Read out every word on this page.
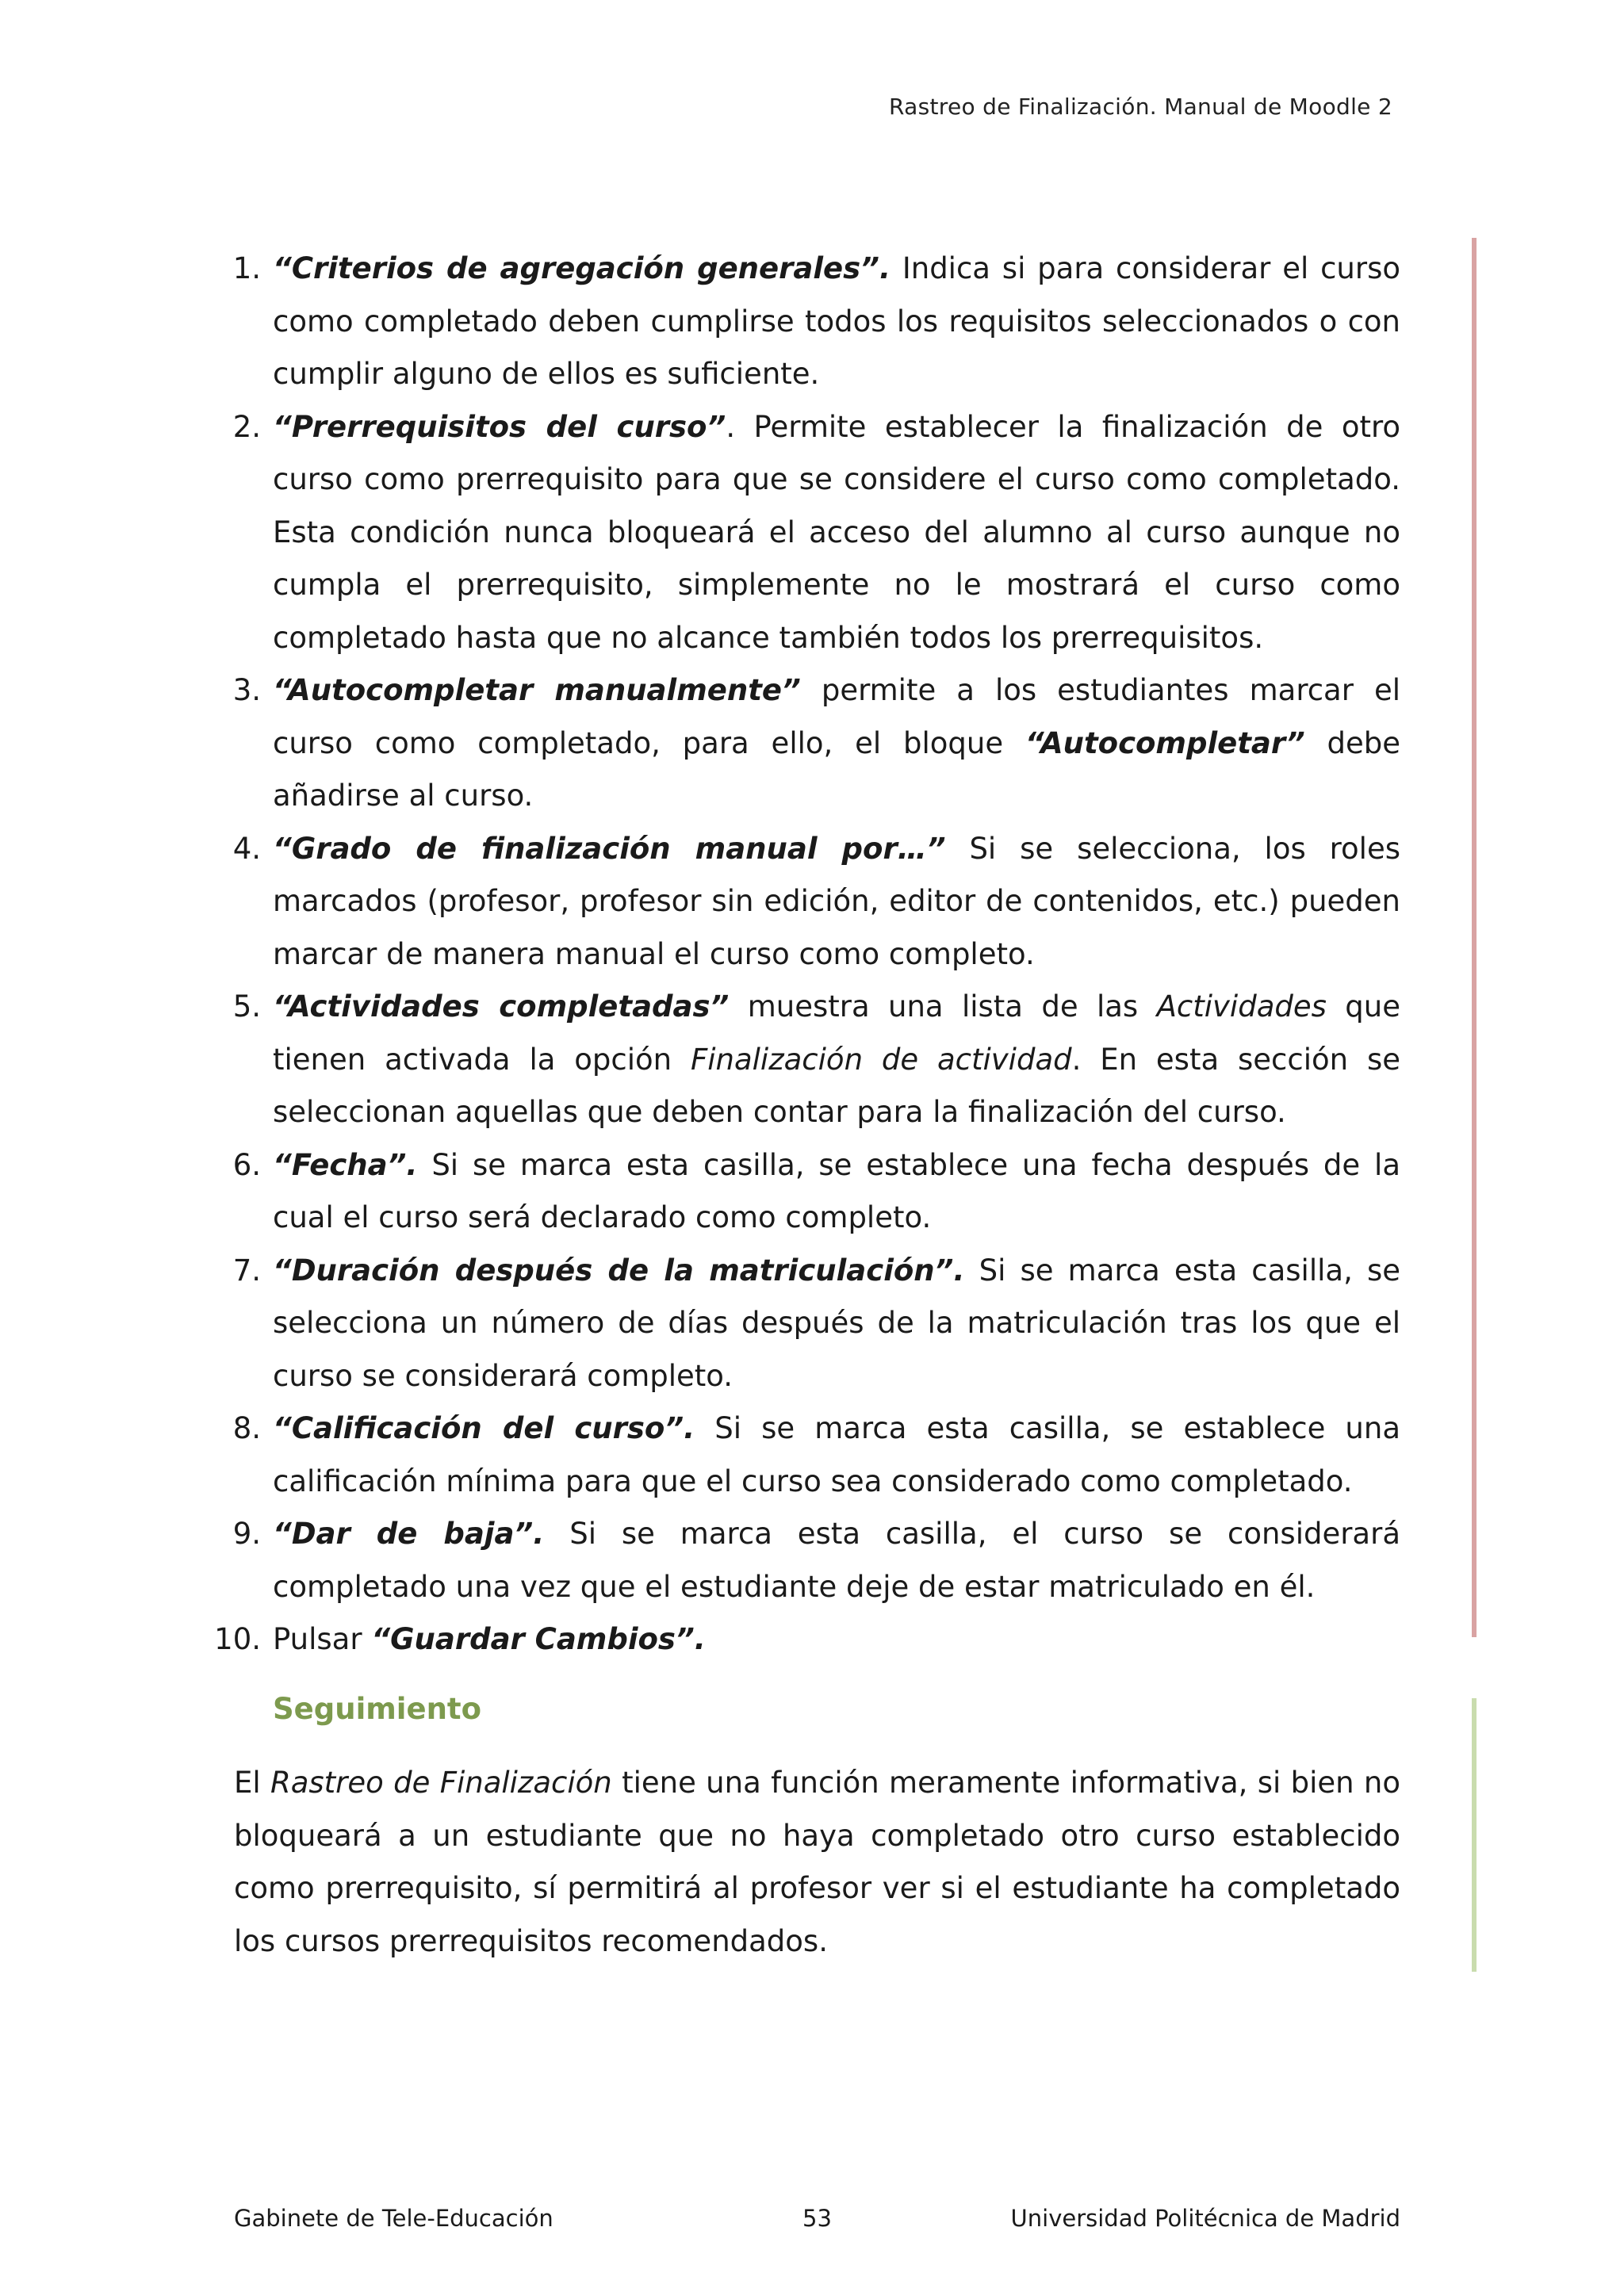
Rastreo de Finalización. Manual de Moodle 2
1. “Criterios de agregación generales”. Indica si para considerar el curso como completado deben cumplirse todos los requisitos seleccionados o con cumplir alguno de ellos es suficiente.
2. “Prerrequisitos del curso”. Permite establecer la finalización de otro curso como prerrequisito para que se considere el curso como completado. Esta condición nunca bloqueará el acceso del alumno al curso aunque no cumpla el prerrequisito, simplemente no le mostrará el curso como completado hasta que no alcance también todos los prerrequisitos.
3. “Autocompletar manualmente” permite a los estudiantes marcar el curso como completado, para ello, el bloque “Autocompletar” debe añadirse al curso.
4. “Grado de finalización manual por…” Si se selecciona, los roles marcados (profesor, profesor sin edición, editor de contenidos, etc.) pueden marcar de manera manual el curso como completo.
5. “Actividades completadas” muestra una lista de las Actividades que tienen activada la opción Finalización de actividad. En esta sección se seleccionan aquellas que deben contar para la finalización del curso.
6. “Fecha”. Si se marca esta casilla, se establece una fecha después de la cual el curso será declarado como completo.
7. “Duración después de la matriculación”. Si se marca esta casilla, se selecciona un número de días después de la matriculación tras los que el curso se considerará completo.
8. “Calificación del curso”. Si se marca esta casilla, se establece una calificación mínima para que el curso sea considerado como completado.
9. “Dar de baja”. Si se marca esta casilla, el curso se considerará completado una vez que el estudiante deje de estar matriculado en él.
10. Pulsar “Guardar Cambios”.
Seguimiento
El Rastreo de Finalización tiene una función meramente informativa, si bien no bloqueará a un estudiante que no haya completado otro curso establecido como prerrequisito, sí permitirá al profesor ver si el estudiante ha completado los cursos prerrequisitos recomendados.
Gabinete de Tele-Educación	53	Universidad Politécnica de Madrid
